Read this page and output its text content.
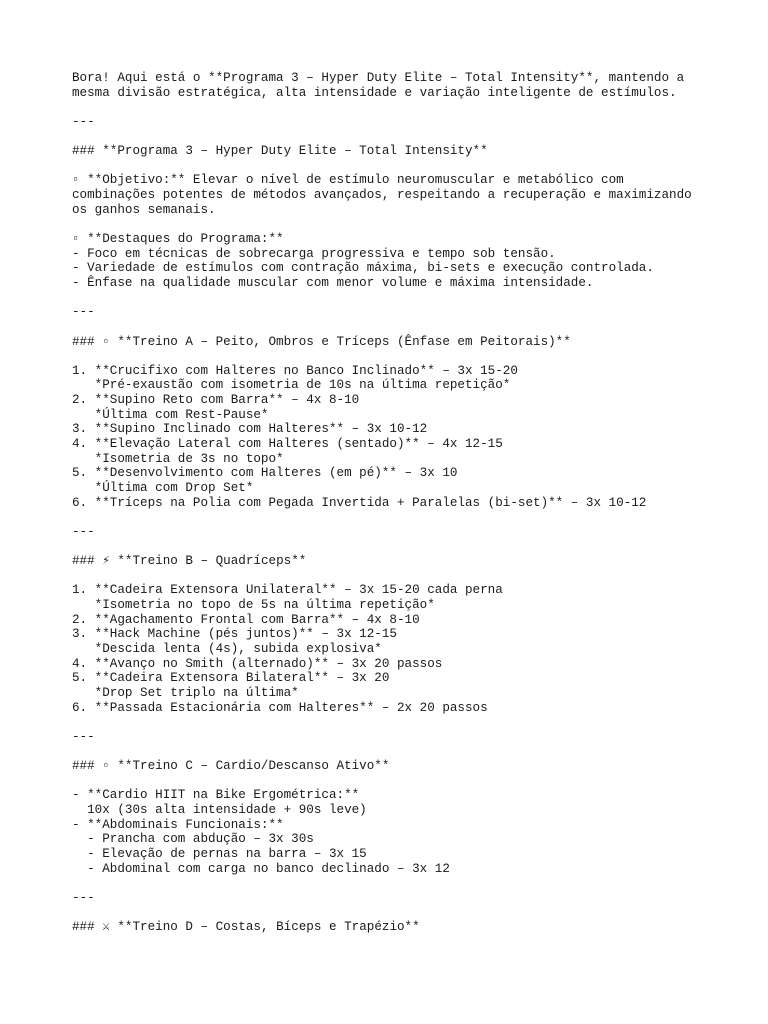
Bora! Aqui está o **Programa 3 – Hyper Duty Elite – Total Intensity**, mantendo a
mesma divisão estratégica, alta intensidade e variação inteligente de estímulos.
---
### **Programa 3 – Hyper Duty Elite – Total Intensity**
▫ **Objetivo:** Elevar o nível de estímulo neuromuscular e metabólico com
combinações potentes de métodos avançados, respeitando a recuperação e maximizando
os ganhos semanais.
▫ **Destaques do Programa:**
- Foco em técnicas de sobrecarga progressiva e tempo sob tensão.
- Variedade de estímulos com contração máxima, bi-sets e execução controlada.
- Ênfase na qualidade muscular com menor volume e máxima intensidade.
---
### ▫ **Treino A – Peito, Ombros e Tríceps (Ênfase em Peitorais)**
1. **Crucifixo com Halteres no Banco Inclinado** – 3x 15-20
*Pré-exaustão com isometria de 10s na última repetição*
2. **Supino Reto com Barra** – 4x 8-10
*Última com Rest-Pause*
3. **Supino Inclinado com Halteres** – 3x 10-12
4. **Elevação Lateral com Halteres (sentado)** – 4x 12-15
*Isometria de 3s no topo*
5. **Desenvolvimento com Halteres (em pé)** – 3x 10
*Última com Drop Set*
6. **Tríceps na Polia com Pegada Invertida + Paralelas (bi-set)** – 3x 10-12
---
### ⚡ **Treino B – Quadríceps**
1. **Cadeira Extensora Unilateral** – 3x 15-20 cada perna
*Isometria no topo de 5s na última repetição*
2. **Agachamento Frontal com Barra** – 4x 8-10
3. **Hack Machine (pés juntos)** – 3x 12-15
*Descida lenta (4s), subida explosiva*
4. **Avanço no Smith (alternado)** – 3x 20 passos
5. **Cadeira Extensora Bilateral** – 3x 20
*Drop Set triplo na última*
6. **Passada Estacionária com Halteres** – 2x 20 passos
---
### ▫ **Treino C – Cardio/Descanso Ativo**
- **Cardio HIIT na Bike Ergométrica:**
10x (30s alta intensidade + 90s leve)
- **Abdominais Funcionais:**
- Prancha com abdução – 3x 30s
- Elevação de pernas na barra – 3x 15
- Abdominal com carga no banco declinado – 3x 12
---
### ⚔ **Treino D – Costas, Bíceps e Trapézio**
